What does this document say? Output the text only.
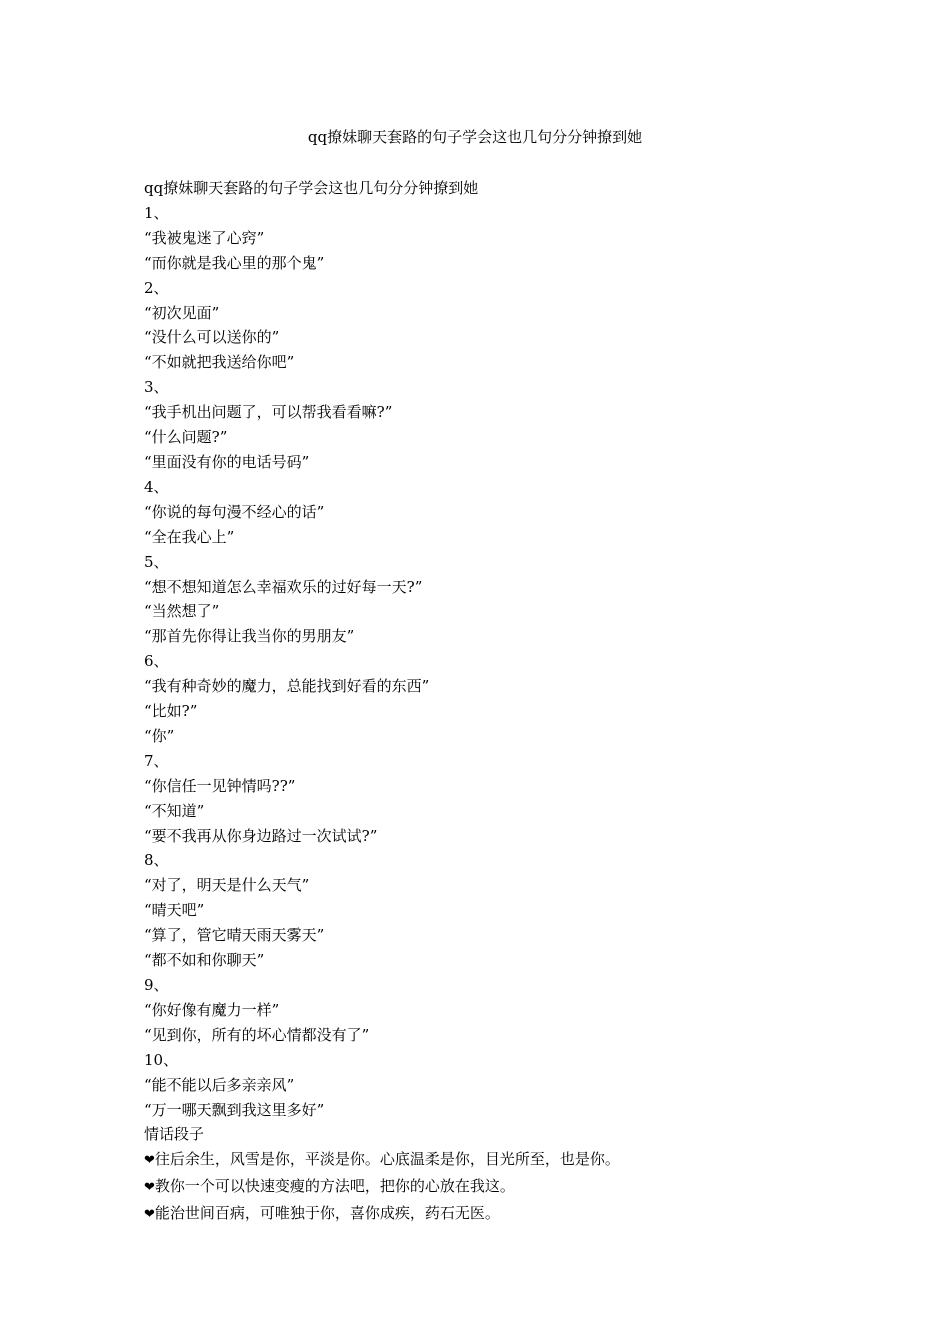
qq撩妹聊天套路的句子学会这也几句分分钟撩到她

qq撩妹聊天套路的句子学会这也几句分分钟撩到她

1、

“我被鬼迷了心窍”

“而你就是我心里的那个鬼”

2、

“初次见面”

“没什么可以送你的”

“不如就把我送给你吧”

3、

“我手机出问题了，可以帮我看看嘛?”

“什么问题?”

“里面没有你的电话号码”

4、

“你说的每句漫不经心的话”

“全在我心上”

5、

“想不想知道怎么幸福欢乐的过好每一天?”

“当然想了”

“那首先你得让我当你的男朋友”

6、

“我有种奇妙的魔力，总能找到好看的东西”

“比如?”

“你”

7、

“你信任一见钟情吗??”

“不知道”

“要不我再从你身边路过一次试试?”

8、

“对了，明天是什么天气”

“晴天吧”

“算了，管它晴天雨天雾天”

“都不如和你聊天”

9、

“你好像有魔力一样”

“见到你，所有的坏心情都没有了”

10、

“能不能以后多亲亲风”

“万一哪天飘到我这里多好”

情话段子

❤往后余生，风雪是你，平淡是你。心底温柔是你，目光所至，也是你。

❤教你一个可以快速变瘦的方法吧，把你的心放在我这。

❤能治世间百病，可唯独于你，喜你成疾，药石无医。
